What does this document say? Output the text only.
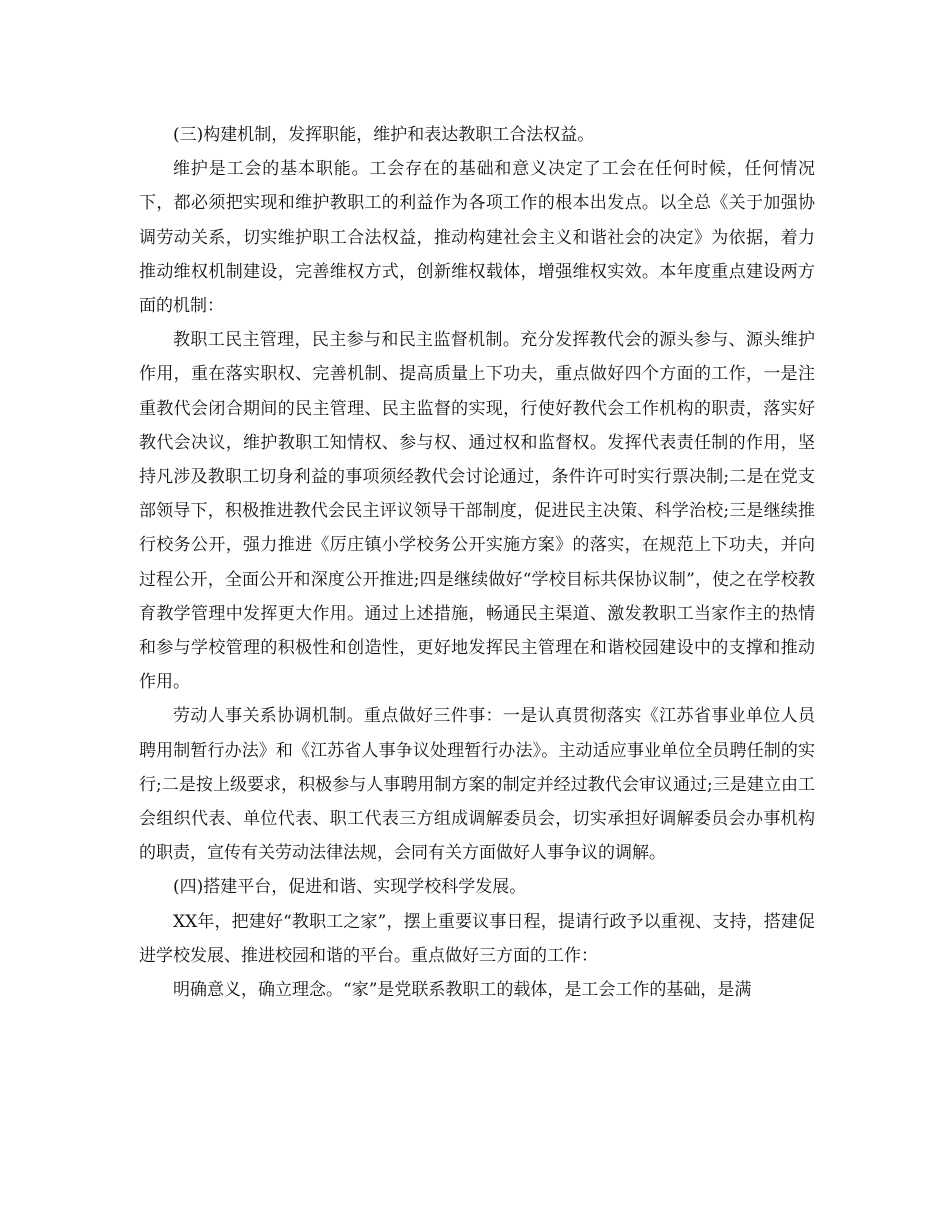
(三)构建机制，发挥职能，维护和表达教职工合法权益。

维护是工会的基本职能。工会存在的基础和意义决定了工会在任何时候，任何情况下，都必须把实现和维护教职工的利益作为各项工作的根本出发点。以全总《关于加强协调劳动关系，切实维护职工合法权益，推动构建社会主义和谐社会的决定》为依据，着力推动维权机制建设，完善维权方式，创新维权载体，增强维权实效。本年度重点建设两方面的机制：

教职工民主管理，民主参与和民主监督机制。充分发挥教代会的源头参与、源头维护作用，重在落实职权、完善机制、提高质量上下功夫，重点做好四个方面的工作，一是注重教代会闭合期间的民主管理、民主监督的实现，行使好教代会工作机构的职责，落实好教代会决议，维护教职工知情权、参与权、通过权和监督权。发挥代表责任制的作用，坚持凡涉及教职工切身利益的事项须经教代会讨论通过，条件许可时实行票决制;二是在党支部领导下，积极推进教代会民主评议领导干部制度，促进民主决策、科学治校;三是继续推行校务公开，强力推进《厉庄镇小学校务公开实施方案》的落实，在规范上下功夫，并向过程公开，全面公开和深度公开推进;四是继续做好“学校目标共保协议制”，使之在学校教育教学管理中发挥更大作用。通过上述措施，畅通民主渠道、激发教职工当家作主的热情和参与学校管理的积极性和创造性，更好地发挥民主管理在和谐校园建设中的支撑和推动作用。

劳动人事关系协调机制。重点做好三件事：一是认真贯彻落实《江苏省事业单位人员聘用制暂行办法》和《江苏省人事争议处理暂行办法》。主动适应事业单位全员聘任制的实行;二是按上级要求，积极参与人事聘用制方案的制定并经过教代会审议通过;三是建立由工会组织代表、单位代表、职工代表三方组成调解委员会，切实承担好调解委员会办事机构的职责，宣传有关劳动法律法规，会同有关方面做好人事争议的调解。

(四)搭建平台，促进和谐、实现学校科学发展。

XX年，把建好“教职工之家”，摆上重要议事日程，提请行政予以重视、支持，搭建促进学校发展、推进校园和谐的平台。重点做好三方面的工作：

明确意义，确立理念。“家”是党联系教职工的载体，是工会工作的基础，是满
